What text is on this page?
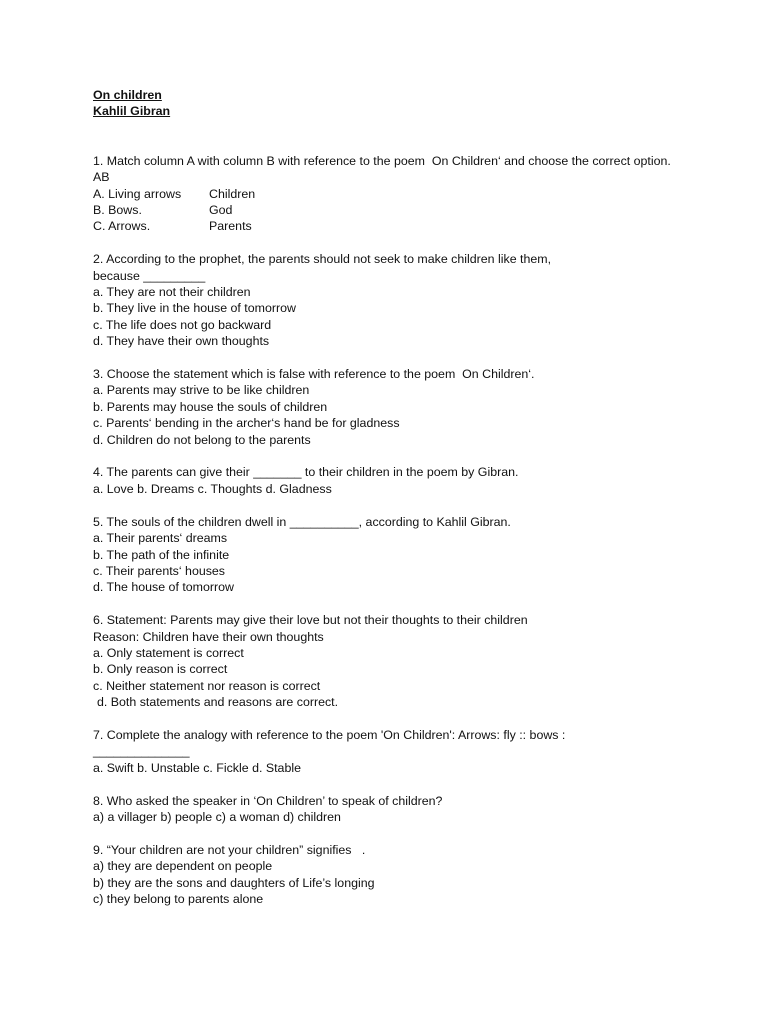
On children
Kahlil Gibran
1. Match column A with column B with reference to the poem  On Children‘ and choose the correct option.
AB
A. Living arrows	Children
B. Bows.	God
C. Arrows.	Parents
2. According to the prophet, the parents should not seek to make children like them,
because _________
a. They are not their children
b. They live in the house of tomorrow
c. The life does not go backward
d. They have their own thoughts
3. Choose the statement which is false with reference to the poem  On Children‘.
a. Parents may strive to be like children
b. Parents may house the souls of children
c. Parents‘ bending in the archer‘s hand be for gladness
d. Children do not belong to the parents
4. The parents can give their _______ to their children in the poem by Gibran.
a. Love b. Dreams c. Thoughts d. Gladness
5. The souls of the children dwell in __________, according to Kahlil Gibran.
a. Their parents‘ dreams
b. The path of the infinite
c. Their parents‘ houses
d. The house of tomorrow
6. Statement: Parents may give their love but not their thoughts to their children
Reason: Children have their own thoughts
a. Only statement is correct
b. Only reason is correct
c. Neither statement nor reason is correct
d. Both statements and reasons are correct.
7. Complete the analogy with reference to the poem 'On Children': Arrows: fly :: bows :
______________
a. Swift b. Unstable c. Fickle d. Stable
8. Who asked the speaker in ‘On Children’ to speak of children?
a) a villager b) people c) a woman d) children
9. “Your children are not your children” signifies   .
a) they are dependent on people
b) they are the sons and daughters of Life’s longing
c) they belong to parents alone
